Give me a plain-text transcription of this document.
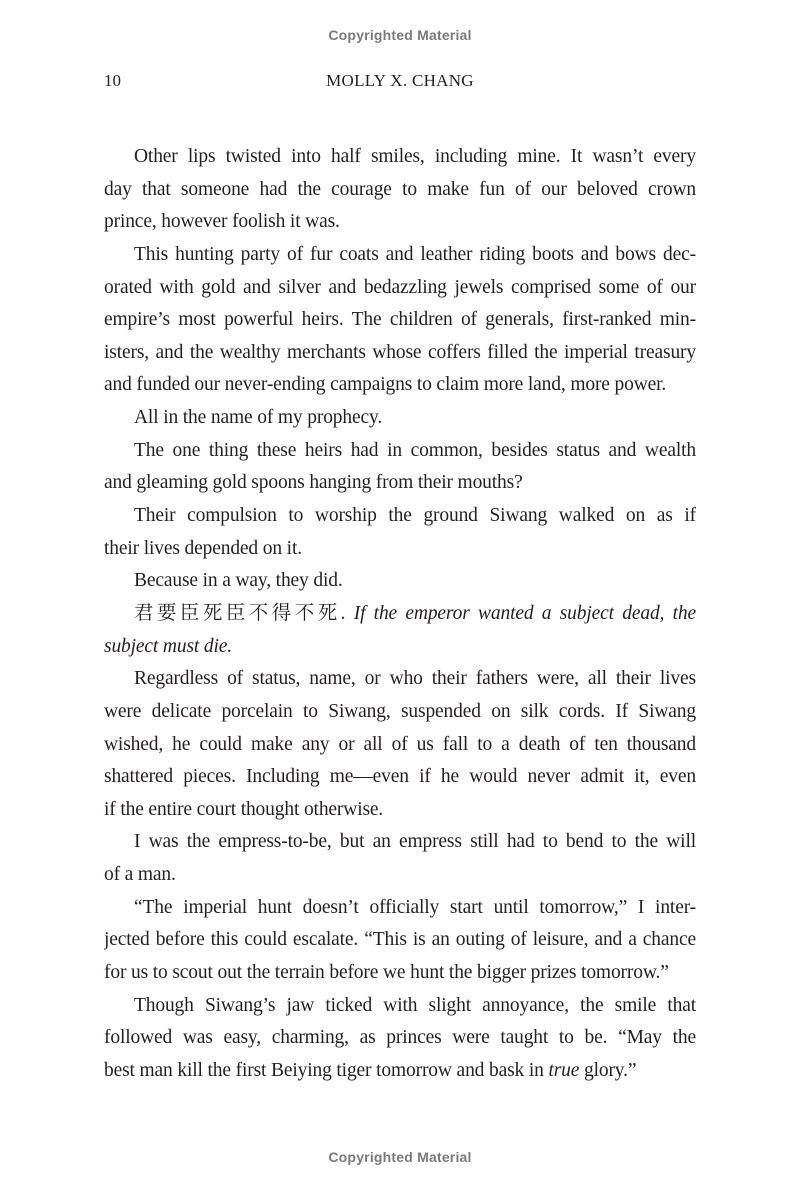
Copyrighted Material
10	MOLLY X. CHANG
Other lips twisted into half smiles, including mine. It wasn’t every
day that someone had the courage to make fun of our beloved crown
prince, however foolish it was.
This hunting party of fur coats and leather riding boots and bows dec-
orated with gold and silver and bedazzling jewels comprised some of our
empire’s most powerful heirs. The children of generals, first-ranked min-
isters, and the wealthy merchants whose coffers filled the imperial treasury
and funded our never-ending campaigns to claim more land, more power.
All in the name of my prophecy.
The one thing these heirs had in common, besides status and wealth
and gleaming gold spoons hanging from their mouths?
Their compulsion to worship the ground Siwang walked on as if
their lives depended on it.
Because in a way, they did.
君要臣死臣不得不死. If the emperor wanted a subject dead, the
subject must die.
Regardless of status, name, or who their fathers were, all their lives
were delicate porcelain to Siwang, suspended on silk cords. If Siwang
wished, he could make any or all of us fall to a death of ten thousand
shattered pieces. Including me—even if he would never admit it, even
if the entire court thought otherwise.
I was the empress-to-be, but an empress still had to bend to the will
of a man.
“The imperial hunt doesn’t officially start until tomorrow,” I inter-
jected before this could escalate. “This is an outing of leisure, and a chance
for us to scout out the terrain before we hunt the bigger prizes tomorrow.”
Though Siwang’s jaw ticked with slight annoyance, the smile that
followed was easy, charming, as princes were taught to be. “May the
best man kill the first Beiying tiger tomorrow and bask in true glory.”
Copyrighted Material
